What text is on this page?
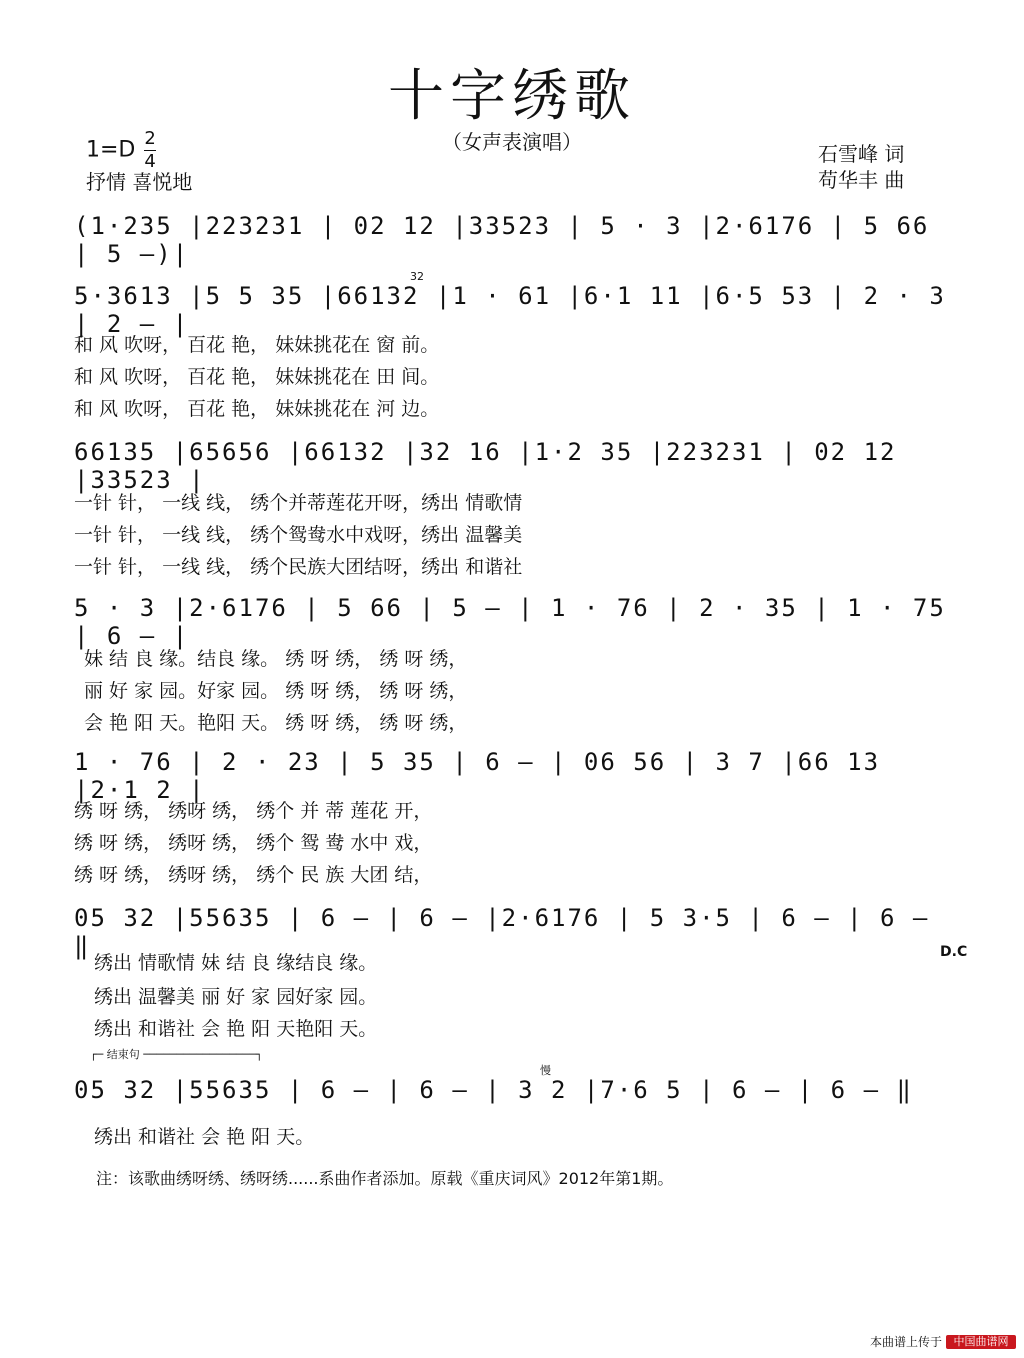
十字绣歌
（女声表演唱）
$1=D \frac{2}{4}$
抒情 喜悦地
石雪峰 词
苟华丰 曲
(1·235 |223231 | 02 12 |33523 | 5 · 3 |2·6176 | 5 66 | 5 —)|
5·3613 |5 5 35 |66132 |1 · 61 |6·1 11 |6·5 53 | 2 · 3 | 2 — |
32
和 风 吹呀， 百花 艳， 妹妹挑花在 窗 前。
和 风 吹呀， 百花 艳， 妹妹挑花在 田 间。
和 风 吹呀， 百花 艳， 妹妹挑花在 河 边。
66135 |65656 |66132 |32 16 |1·2 35 |223231 | 02 12 |33523 |
一针 针， 一线 线， 绣个并蒂莲花开呀，绣出 情歌情
一针 针， 一线 线， 绣个鸳鸯水中戏呀，绣出 温馨美
一针 针， 一线 线， 绣个民族大团结呀，绣出 和谐社
5 · 3 |2·6176 | 5 66 | 5 — | 1 · 76 | 2 · 35 | 1 · 75 | 6 — |
妹 结 良 缘。结良 缘。 绣 呀 绣， 绣 呀 绣，
丽 好 家 园。好家 园。 绣 呀 绣， 绣 呀 绣，
会 艳 阳 天。艳阳 天。 绣 呀 绣， 绣 呀 绣，
1 · 76 | 2 · 23 | 5 35 | 6 — | 06 56 | 3 7 |66 13 |2·1 2 |
绣 呀 绣， 绣呀 绣， 绣个 并 蒂 莲花 开，
绣 呀 绣， 绣呀 绣， 绣个 鸳 鸯 水中 戏，
绣 呀 绣， 绣呀 绣， 绣个 民 族 大团 结，
05 32 |55635 | 6 — | 6 — |2·6176 | 5 3·5 | 6 — | 6 — ‖
绣出 情歌情 妹 结 良 缘结良 缘。
绣出 温馨美 丽 好 家 园好家 园。
绣出 和谐社 会 艳 阳 天艳阳 天。
D.C
┌─ 结束句 ─────────────────┐
05 32 |55635 | 6 — | 6 — | 3 2 |7·6 5 | 6 — | 6 — ‖
慢
绣出 和谐社 会 艳 阳 天。
注：该歌曲绣呀绣、绣呀绣......系曲作者添加。原载《重庆词风》2012年第1期。
本曲谱上传于	中国曲谱网
